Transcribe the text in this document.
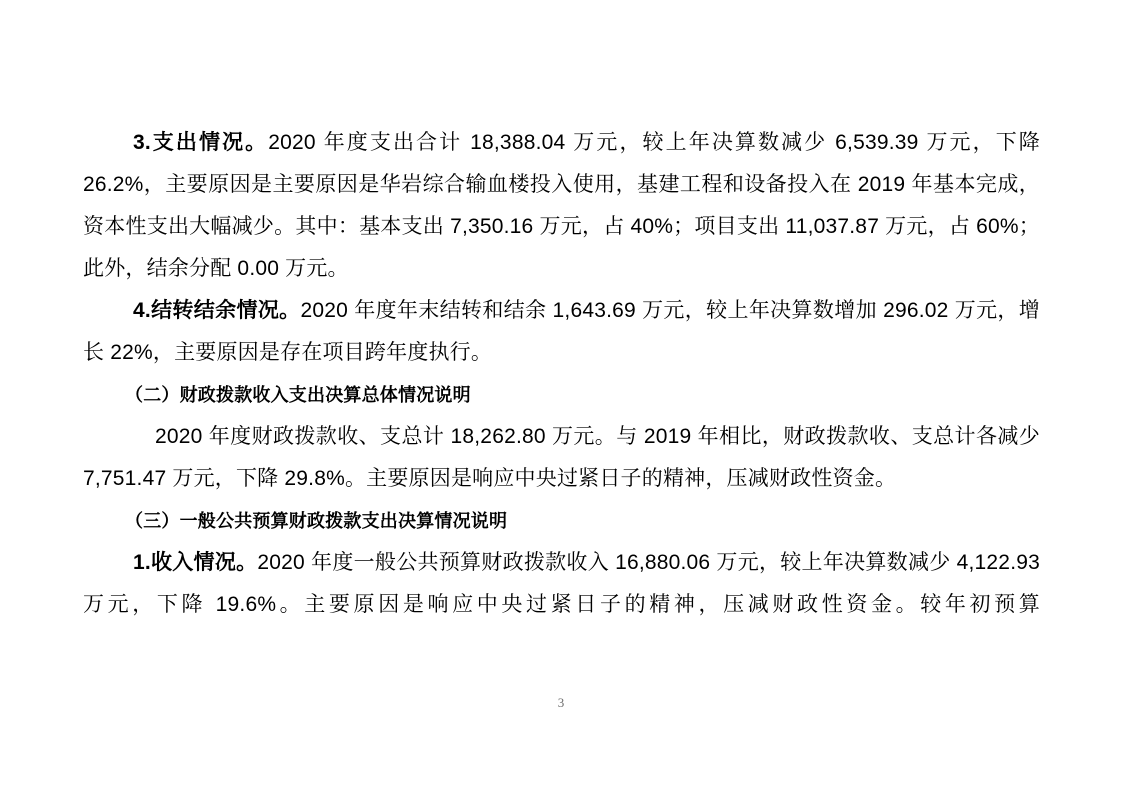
3.支出情况。2020 年度支出合计 18,388.04 万元，较上年决算数减少 6,539.39 万元，下降 26.2%，主要原因是主要原因是华岩综合输血楼投入使用，基建工程和设备投入在 2019 年基本完成，资本性支出大幅减少。其中：基本支出 7,350.16 万元，占 40%；项目支出 11,037.87 万元，占 60%；此外，结余分配 0.00 万元。

4.结转结余情况。2020 年度年末结转和结余 1,643.69 万元，较上年决算数增加 296.02 万元，增长 22%，主要原因是存在项目跨年度执行。

（二）财政拨款收入支出决算总体情况说明

2020 年度财政拨款收、支总计 18,262.80 万元。与 2019 年相比，财政拨款收、支总计各减少 7,751.47 万元，下降 29.8%。主要原因是响应中央过紧日子的精神，压减财政性资金。

（三）一般公共预算财政拨款支出决算情况说明

1.收入情况。2020 年度一般公共预算财政拨款收入 16,880.06 万元，较上年决算数减少 4,122.93 万元，下降 19.6%。主要原因是响应中央过紧日子的精神，压减财政性资金。较年初预算

3
